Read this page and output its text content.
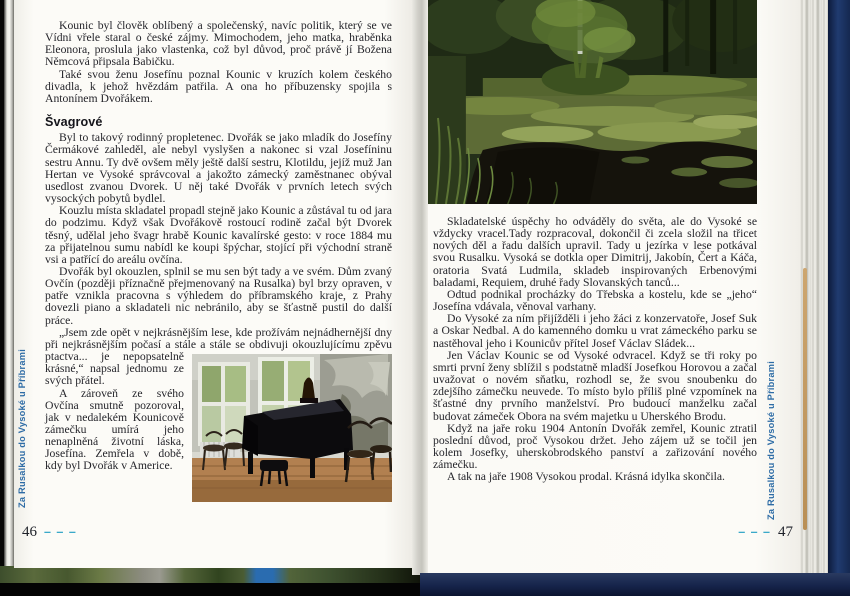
Kounic byl člověk oblíbený a společenský, navíc politik, který se ve Vídni vřele staral o české zájmy. Mimochodem, jeho matka, hraběnka Eleonora, proslula jako vlastenka, což byl důvod, proč právě jí Božena Němcová připsala Babičku.

Také svou ženu Josefínu poznal Kounic v kruzích kolem českého divadla, k jehož hvězdám patřila. A ona ho příbuzensky spojila s Antonínem Dvořákem.

Švagrové

Byl to takový rodinný propletenec. Dvořák se jako mladík do Josefíny Čermákové zahleděl, ale nebyl vyslyšen a nakonec si vzal Josefíninu sestru Annu. Ty dvě ovšem měly ještě další sestru, Klotildu, jejíž muž Jan Hertan ve Vysoké správcoval a jakožto zámecký zaměstnanec obýval usedlost zvanou Dvorek. U něj také Dvořák v prvních letech svých vysockých pobytů bydlel.

Kouzlu místa skladatel propadl stejně jako Kounic a zůstával tu od jara do podzimu. Když však Dvořákově rostoucí rodině začal být Dvorek těsný, udělal jeho švagr hrabě Kounic kavalírské gesto: v roce 1884 mu za přijatelnou sumu nabídl ke koupi špýchar, stojící při východní straně vsi a patřící do areálu ovčína.

Dvořák byl okouzlen, splnil se mu sen být tady a ve svém. Dům zvaný Ovčín (později příznačně přejmenovaný na Rusalka) byl brzy opraven, v patře vznikla pracovna s výhledem do příbramského kraje, z Prahy dovezli piano a skladateli nic nebránilo, aby se šťastně pustil do další práce.

„Jsem zde opět v nejkrásnějším lese, kde prožívám nejnádhernější dny při nejkrásnějším počasí a stále a stále se obdivuji okouzlujícímu zpěvu ptactva... je nepopsatelně krásné,“ napsal jednomu ze svých přátel.

A zároveň ze svého Ovčína smutně pozoroval, jak v nedalekém Kounicově zámečku umírá jeho nenaplněná životní láska, Josefína. Zemřela v době, kdy byl Dvořák v Americe.

Za Rusalkou do Vysoké u Příbrami
46 – – –

Skladatelské úspěchy ho odváděly do světa, ale do Vysoké se vždycky vracel.Tady rozpracoval, dokončil či zcela složil na třicet nových děl a řadu dalších upravil. Tady u jezírka v lese potkával svou Rusalku. Vysoká se dotkla oper Dimitrij, Jakobín, Čert a Káča, oratoria Svatá Ludmila, skladeb inspirovaných Erbenovými baladami, Requiem, druhé řady Slovanských tanců...

Odtud podnikal procházky do Třebska a kostelu, kde se „jeho“ Josefína vdávala, věnoval varhany.

Do Vysoké za ním přijížděli i jeho žáci z konzervatoře, Josef Suk a Oskar Nedbal. A do kamenného domku u vrat zámeckého parku se nastěhoval jeho i Kounicův přítel Josef Václav Sládek...

Jen Václav Kounic se od Vysoké odvracel. Když se tři roky po smrti první ženy sblížil s podstatně mladší Josefkou Horovou a začal uvažovat o novém sňatku, rozhodl se, že svou snoubenku do zdejšího zámečku neuvede. To místo bylo příliš plné vzpomínek na šťastné dny prvního manželství. Pro budoucí manželku začal budovat zámeček Obora na svém majetku u Uherského Brodu.

Když na jaře roku 1904 Antonín Dvořák zemřel, Kounic ztratil poslední důvod, proč Vysokou držet. Jeho zájem už se točil jen kolem Josefky, uherskobrodského panství a zařizování nového zámečku.

A tak na jaře 1908 Vysokou prodal. Krásná idylka skončila.	Za Rusalkou do Vysoké u Příbrami
– – – 47
